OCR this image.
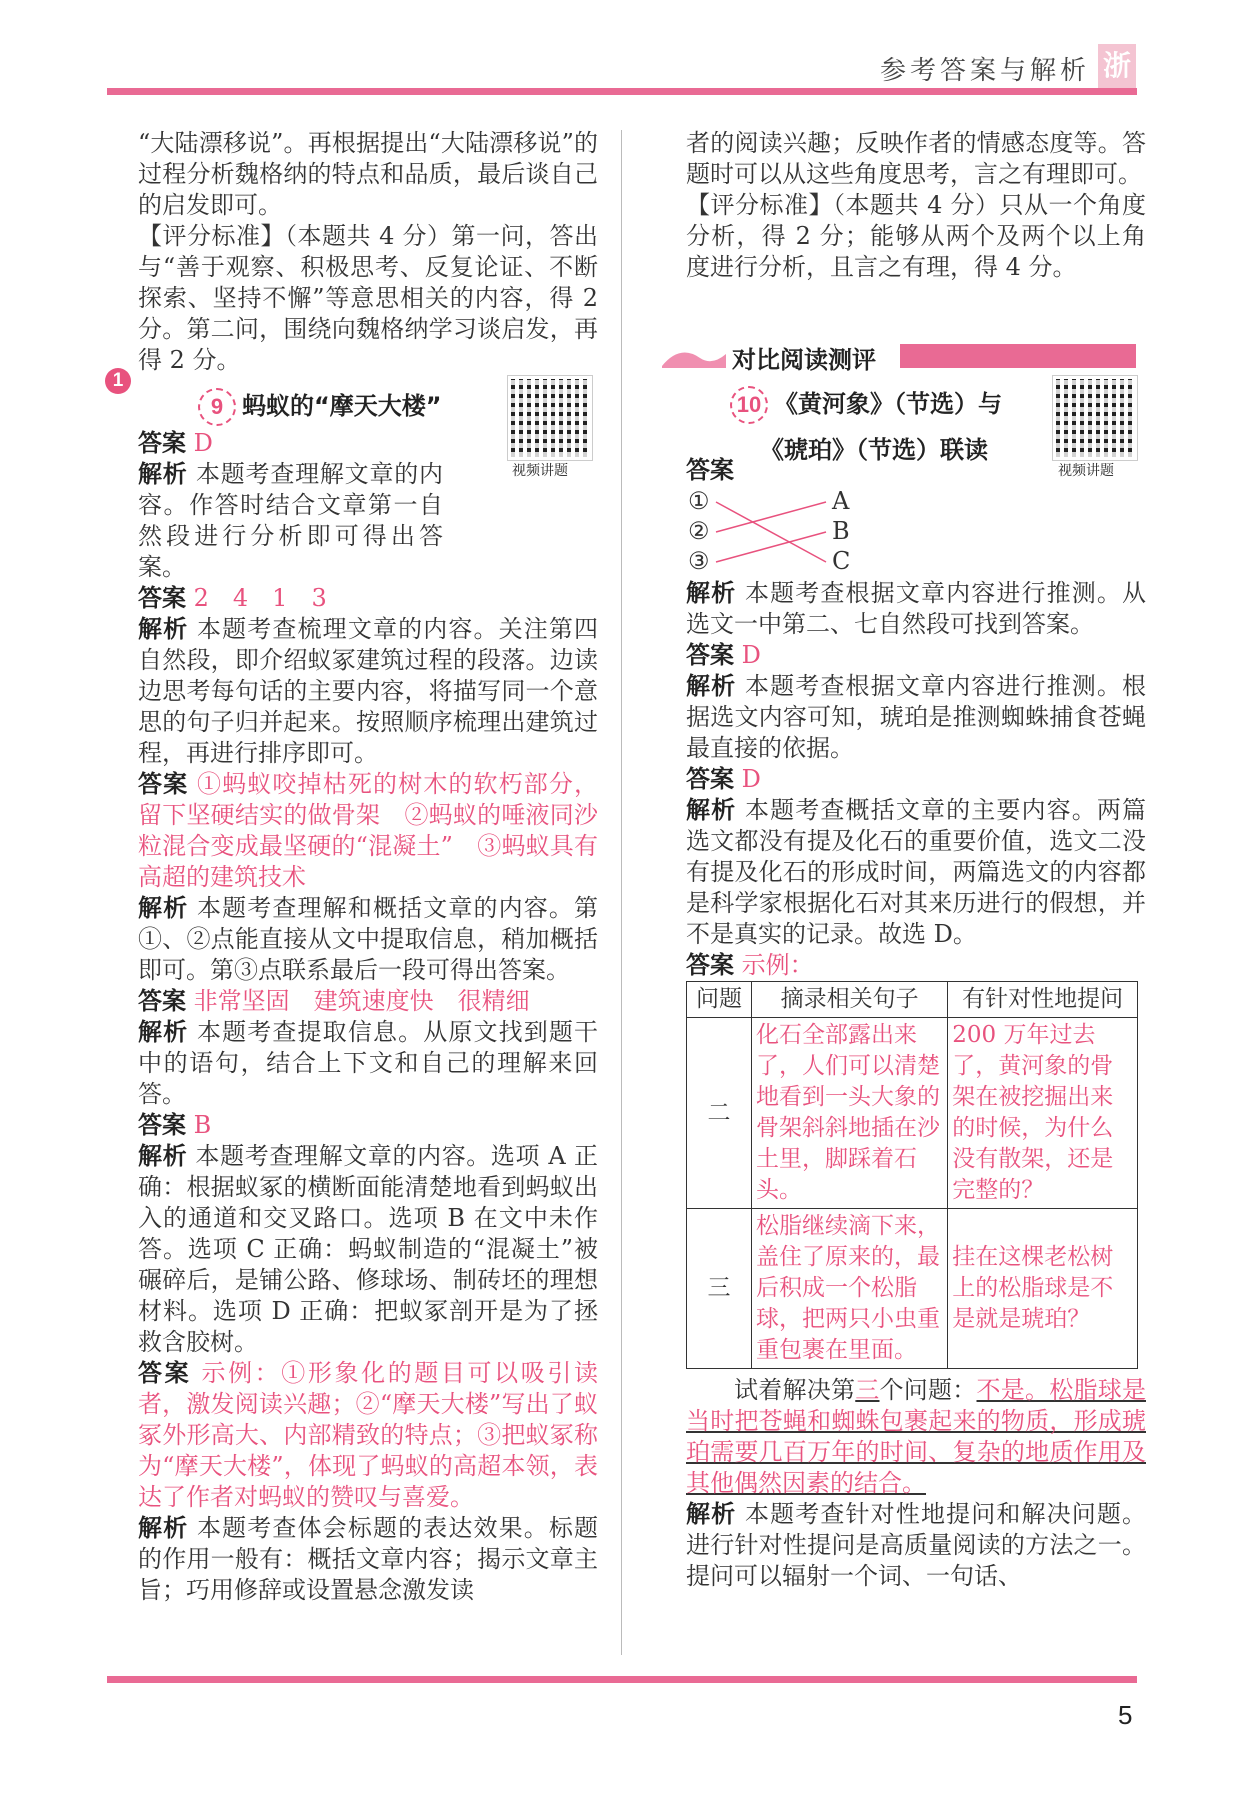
参考答案与解析 浙

“大陆漂移说”。再根据提出“大陆漂移说”的过程分析魏格纳的特点和品质，最后谈自己的启发即可。

【评分标准】（本题共 4 分）第一问，答出与“善于观察、积极思考、反复论证、不断探索、坚持不懈”等意思相关的内容，得 2 分。第二问，围绕向魏格纳学习谈启发，再得 2 分。

9 蚂蚁的“摩天大楼”
答案 D

解析 本题考查理解文章的内容。作答时结合文章第一自然段进行分析即可得出答案。

答案 2　4　1　3

解析 本题考查梳理文章的内容。关注第四自然段，即介绍蚁冢建筑过程的段落。边读边思考每句话的主要内容，将描写同一个意思的句子归并起来。按照顺序梳理出建筑过程，再进行排序即可。

答案 ①蚂蚁咬掉枯死的树木的软朽部分，留下坚硬结实的做骨架　②蚂蚁的唾液同沙粒混合变成最坚硬的“混凝土”　③蚂蚁具有高超的建筑技术

解析 本题考查理解和概括文章的内容。第①、②点能直接从文中提取信息，稍加概括即可。第③点联系最后一段可得出答案。

答案 非常坚固　建筑速度快　很精细

解析 本题考查提取信息。从原文找到题干中的语句，结合上下文和自己的理解来回答。

答案 B

解析 本题考查理解文章的内容。选项 A 正确：根据蚁冢的横断面能清楚地看到蚂蚁出入的通道和交叉路口。选项 B 在文中未作答。选项 C 正确：蚂蚁制造的“混凝土”被碾碎后，是铺公路、修球场、制砖坯的理想材料。选项 D 正确：把蚁冢剖开是为了拯救含胶树。

答案 示例：①形象化的题目可以吸引读者，激发阅读兴趣；②“摩天大楼”写出了蚁冢外形高大、内部精致的特点；③把蚁冢称为“摩天大楼”，体现了蚂蚁的高超本领，表达了作者对蚂蚁的赞叹与喜爱。

解析 本题考查体会标题的表达效果。标题的作用一般有：概括文章内容；揭示文章主旨；巧用修辞或设置悬念激发读

1
视频讲题

者的阅读兴趣；反映作者的情感态度等。答题时可以从这些角度思考，言之有理即可。

【评分标准】（本题共 4 分）只从一个角度分析，得 2 分；能够从两个及两个以上角度进行分析，且言之有理，得 4 分。

对比阅读测评
10 《黄河象》（节选）与
《琥珀》（节选）联读
视频讲题
答案
①
②
③
A
B
C

解析 本题考查根据文章内容进行推测。从选文一中第二、七自然段可找到答案。

答案 D

解析 本题考查根据文章内容进行推测。根据选文内容可知，琥珀是推测蜘蛛捕食苍蝇最直接的依据。

答案 D

解析 本题考查概括文章的主要内容。两篇选文都没有提及化石的重要价值，选文二没有提及化石的形成时间，两篇选文的内容都是科学家根据化石对其来历进行的假想，并不是真实的记录。故选 D。

答案 示例：

问题	摘录相关句子	有针对性地提问
二	化石全部露出来了，人们可以清楚地看到一头大象的骨架斜斜地插在沙土里，脚踩着石头。	200 万年过去了，黄河象的骨架在被挖掘出来的时候，为什么没有散架，还是完整的？
三	松脂继续滴下来，盖住了原来的，最后积成一个松脂球，把两只小虫重重包裹在里面。	挂在这棵老松树上的松脂球是不是就是琥珀？

试着解决第三个问题：不是。松脂球是当时把苍蝇和蜘蛛包裹起来的物质，形成琥珀需要几百万年的时间、复杂的地质作用及其他偶然因素的结合。

解析 本题考查针对性地提问和解决问题。进行针对性提问是高质量阅读的方法之一。提问可以辐射一个词、一句话、

5
